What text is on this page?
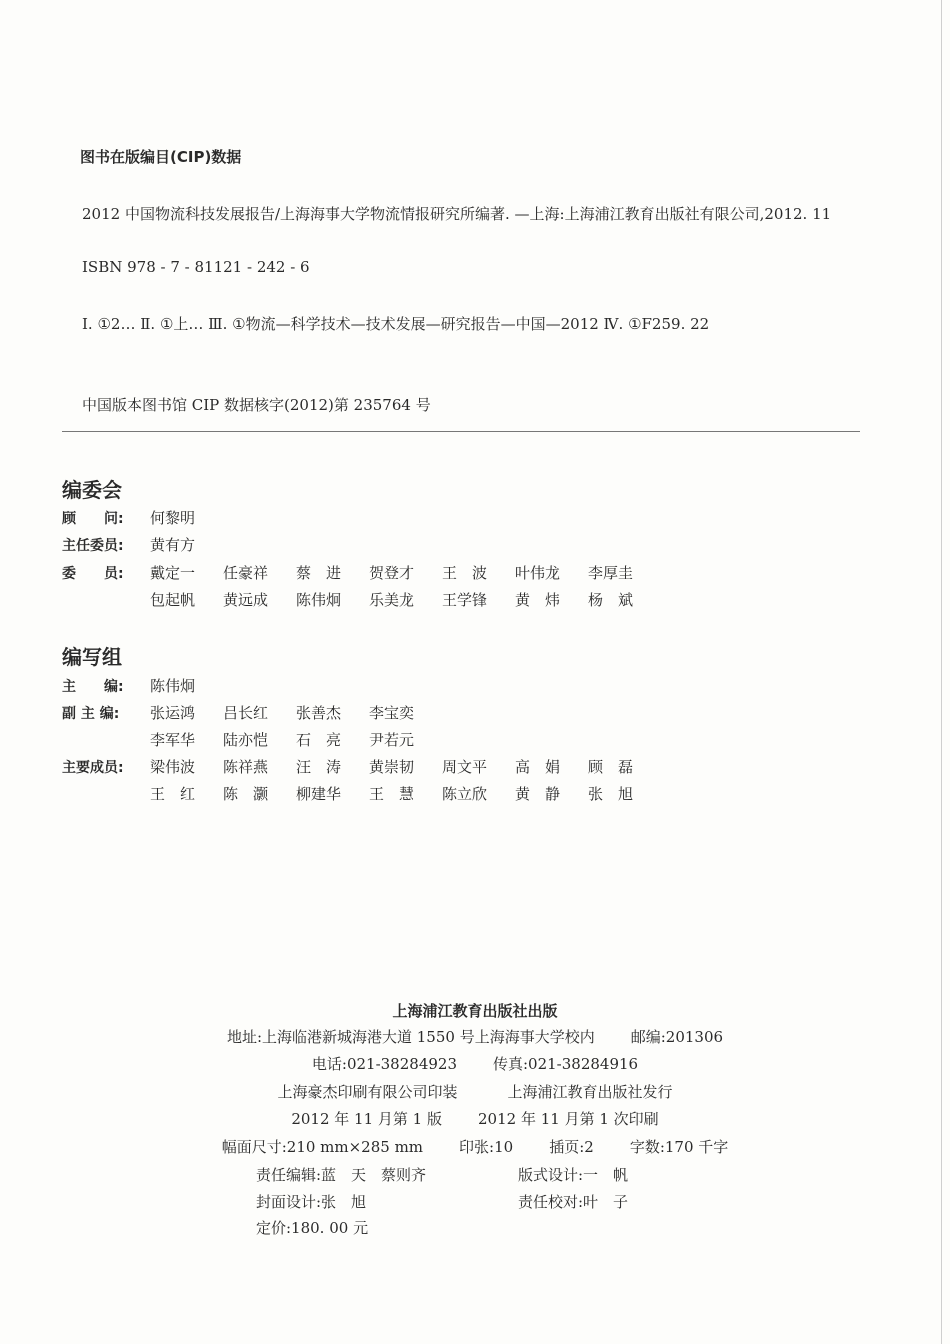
图书在版编目(CIP)数据
2012 中国物流科技发展报告/上海海事大学物流情报研究所编著. —上海:上海浦江教育出版社有限公司,2012. 11
ISBN 978 - 7 - 81121 - 242 - 6
Ⅰ. ①2… Ⅱ. ①上… Ⅲ. ①物流—科学技术—技术发展—研究报告—中国—2012 Ⅳ. ①F259. 22
中国版本图书馆 CIP 数据核字(2012)第 235764 号
编委会
顾　　问:	何黎明
主任委员:	黄有方
委　　员:	戴定一 任豪祥 蔡　进 贺登才 王　波 叶伟龙 李厚圭
包起帆 黄远成 陈伟炯 乐美龙 王学锋 黄　炜 杨　斌
编写组
主　　编:	陈伟炯
副 主 编:	张运鸿 吕长红 张善杰 李宝奕
李军华 陆亦恺 石　亮 尹若元
主要成员:	梁伟波 陈祥燕 汪　涛 黄崇韧 周文平 高　娟 顾　磊
王　红 陈　灏 柳建华 王　慧 陈立欣 黄　静 张　旭
上海浦江教育出版社出版
地址:上海临港新城海港大道 1550 号上海海事大学校内 邮编:201306
电话:021-38284923 传真:021-38284916
上海豪杰印刷有限公司印装	上海浦江教育出版社发行
2012 年 11 月第 1 版 2012 年 11 月第 1 次印刷
幅面尺寸:210 mm×285 mm 印张:10 插页:2 字数:170 千字
责任编辑:蓝　天　蔡则齐	版式设计:一　帆
封面设计:张　旭	责任校对:叶　子
定价:180. 00 元
